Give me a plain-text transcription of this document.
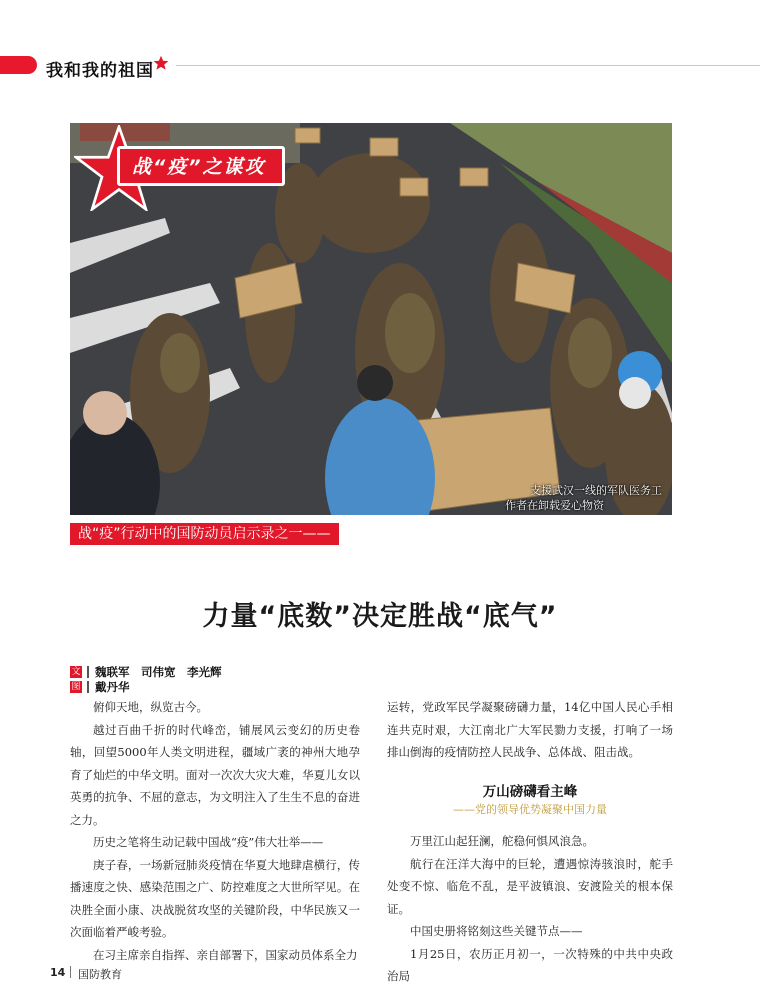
我和我的祖国
战“疫”之谋攻
支援武汉一线的军队医务工
作者在卸载爱心物资
战“疫”行动中的国防动员启示录之一——
力量“底数”决定胜战“底气”
文 魏联军　司伟宽　李光辉
图 戴丹华

俯仰天地，纵览古今。

越过百曲千折的时代峰峦，铺展风云变幻的历史卷轴，回望5000年人类文明进程，疆域广袤的神州大地孕育了灿烂的中华文明。面对一次次大灾大难，华夏儿女以英勇的抗争、不屈的意志，为文明注入了生生不息的奋进之力。

历史之笔将生动记载中国战“疫”伟大壮举——

庚子春，一场新冠肺炎疫情在华夏大地肆虐横行，传播速度之快、感染范围之广、防控难度之大世所罕见。在决胜全面小康、决战脱贫攻坚的关键阶段，中华民族又一次面临着严峻考验。

在习主席亲自指挥、亲自部署下，国家动员体系全力

运转，党政军民学凝聚磅礴力量，14亿中国人民心手相连共克时艰，大江南北广大军民勠力支援，打响了一场排山倒海的疫情防控人民战争、总体战、阻击战。

万山磅礴看主峰
——党的领导优势凝聚中国力量

万里江山起狂澜，舵稳何惧风浪急。

航行在汪洋大海中的巨轮，遭遇惊涛骇浪时，舵手处变不惊、临危不乱，是平波镇浪、安渡险关的根本保证。

中国史册将铭刻这些关键节点——

1月25日，农历正月初一，一次特殊的中共中央政治局

14 国防教育
